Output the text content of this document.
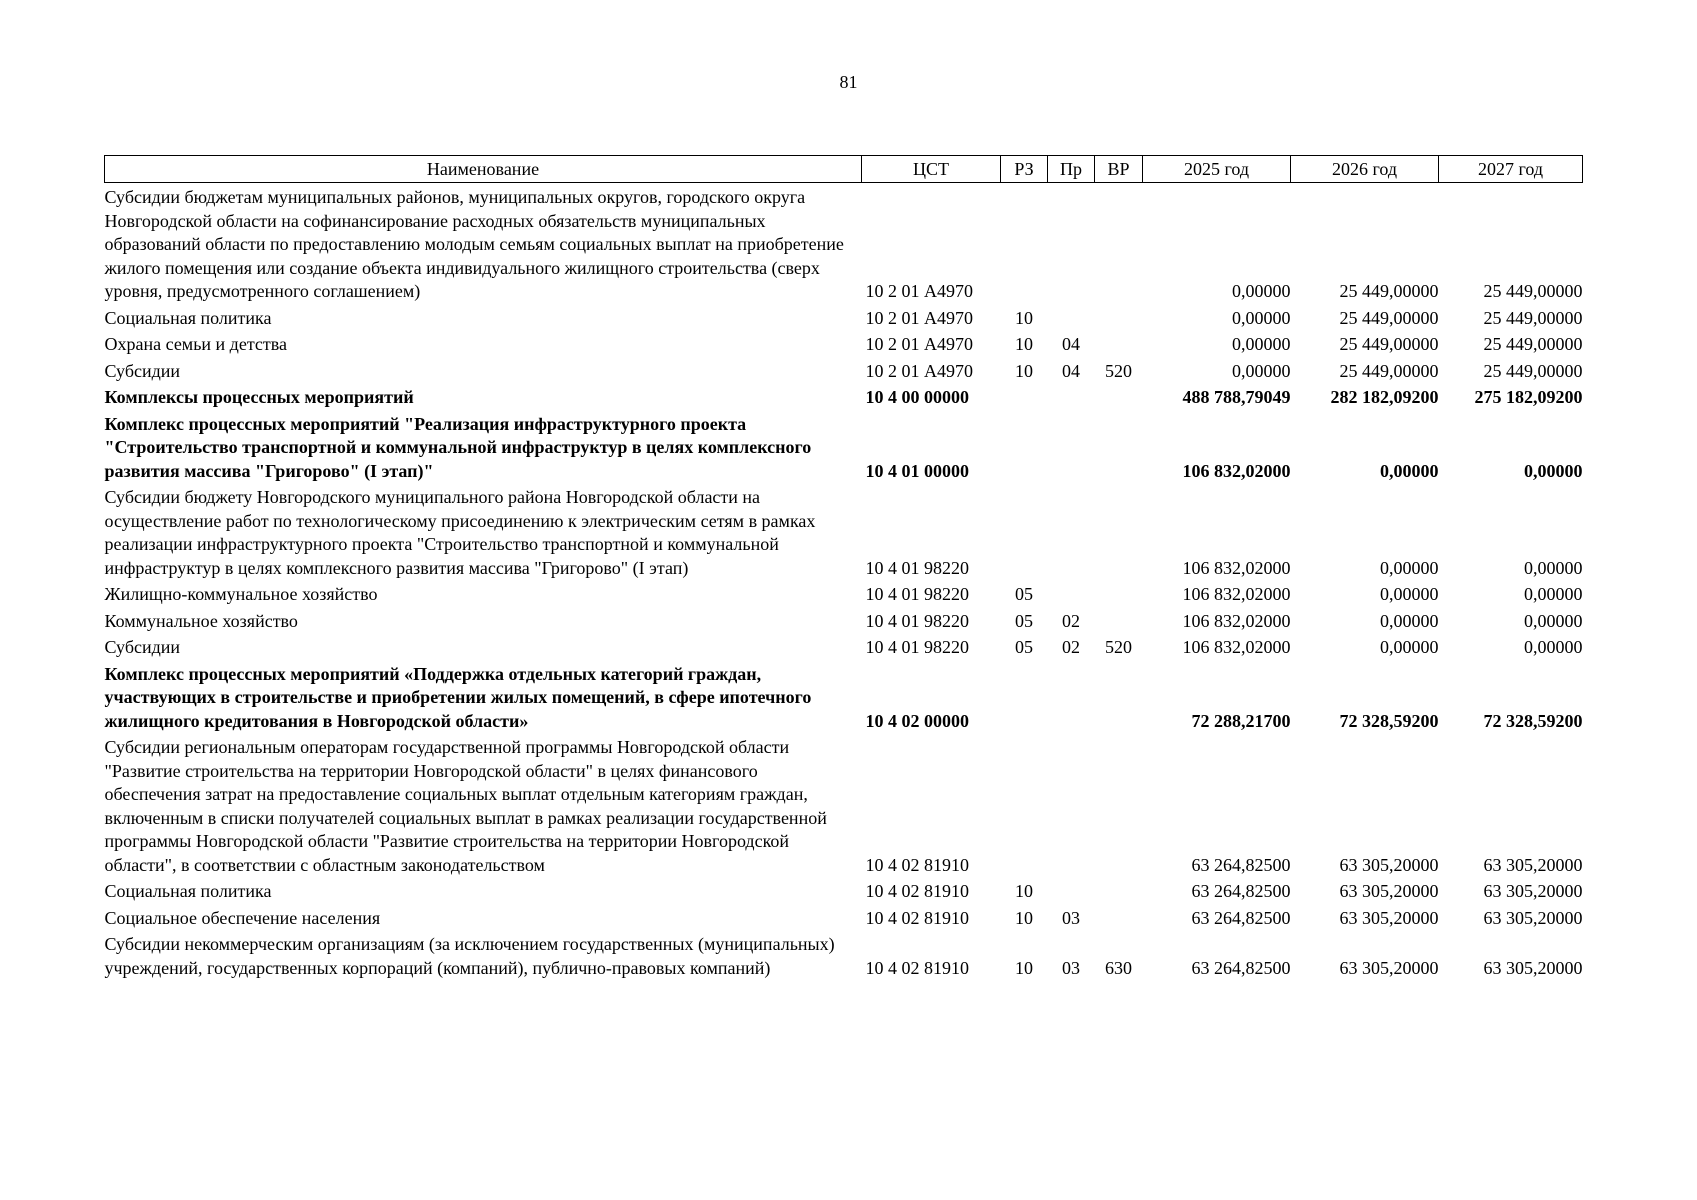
81
Наименование	ЦСТ	РЗ	Пр	ВР	2025 год	2026 год	2027 год
Субсидии бюджетам муниципальных районов, муниципальных округов, городского округа Новгородской области на софинансирование расходных обязательств муниципальных образований области по предоставлению молодым семьям социальных выплат на приобретение жилого помещения или создание объекта индивидуального жилищного строительства (сверх уровня, предусмотренного соглашением)	10 2 01 А4970				0,00000	25 449,00000	25 449,00000
Социальная политика	10 2 01 А4970	10			0,00000	25 449,00000	25 449,00000
Охрана семьи и детства	10 2 01 А4970	10	04		0,00000	25 449,00000	25 449,00000
Субсидии	10 2 01 А4970	10	04	520	0,00000	25 449,00000	25 449,00000
Комплексы процессных мероприятий	10 4 00 00000				488 788,79049	282 182,09200	275 182,09200
Комплекс процессных мероприятий "Реализация инфраструктурного проекта "Строительство транспортной и коммунальной инфраструктур в целях комплексного развития массива "Григорово" (I этап)"	10 4 01 00000				106 832,02000	0,00000	0,00000
Субсидии бюджету Новгородского муниципального района Новгородской области на осуществление работ по технологическому присоединению к электрическим сетям в рамках реализации инфраструктурного проекта "Строительство транспортной и коммунальной инфраструктур в целях комплексного развития массива "Григорово" (I этап)	10 4 01 98220				106 832,02000	0,00000	0,00000
Жилищно-коммунальное хозяйство	10 4 01 98220	05			106 832,02000	0,00000	0,00000
Коммунальное хозяйство	10 4 01 98220	05	02		106 832,02000	0,00000	0,00000
Субсидии	10 4 01 98220	05	02	520	106 832,02000	0,00000	0,00000
Комплекс процессных мероприятий «Поддержка отдельных категорий граждан, участвующих в строительстве и приобретении жилых помещений, в сфере ипотечного жилищного кредитования в Новгородской области»	10 4 02 00000				72 288,21700	72 328,59200	72 328,59200
Субсидии региональным операторам государственной программы Новгородской области "Развитие строительства на территории Новгородской области" в целях финансового обеспечения затрат на предоставление социальных выплат отдельным категориям граждан, включенным в списки получателей социальных выплат в рамках реализации государственной программы Новгородской области "Развитие строительства на территории Новгородской области", в соответствии с областным законодательством	10 4 02 81910				63 264,82500	63 305,20000	63 305,20000
Социальная политика	10 4 02 81910	10			63 264,82500	63 305,20000	63 305,20000
Социальное обеспечение населения	10 4 02 81910	10	03		63 264,82500	63 305,20000	63 305,20000
Субсидии некоммерческим организациям (за исключением государственных (муниципальных) учреждений, государственных корпораций (компаний), публично-правовых компаний)	10 4 02 81910	10	03	630	63 264,82500	63 305,20000	63 305,20000
